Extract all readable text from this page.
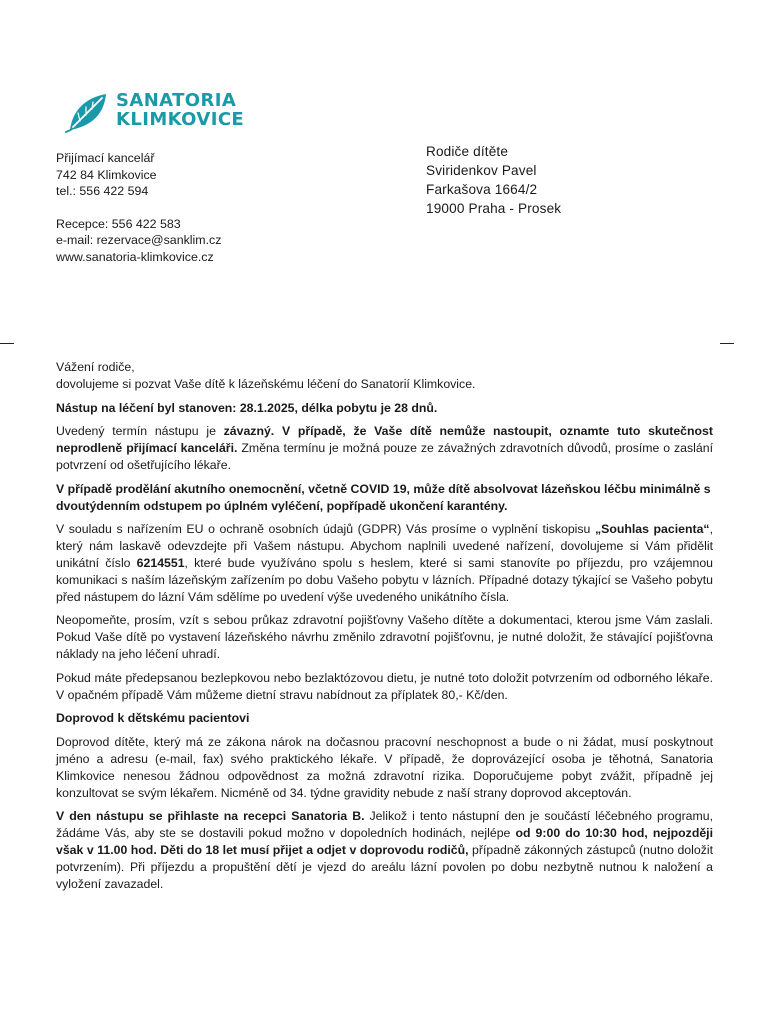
SANATORIA
KLIMKOVICE
Přijímací kancelář
742 84 Klimkovice
tel.: 556 422 594
Recepce: 556 422 583
e-mail: rezervace@sanklim.cz
www.sanatoria-klimkovice.cz
Rodiče dítěte
Sviridenkov Pavel
Farkašova 1664/2
19000 Praha - Prosek

Vážení rodiče,

dovolujeme si pozvat Vaše dítě k lázeňskému léčení do Sanatorií Klimkovice.

Nástup na léčení byl stanoven: 28.1.2025, délka pobytu je 28 dnů.

Uvedený termín nástupu je závazný. V případě, že Vaše dítě nemůže nastoupit, oznamte tuto skutečnost neprodleně přijímací kanceláři. Změna termínu je možná pouze ze závažných zdravotních důvodů, prosíme o zaslání potvrzení od ošetřujícího lékaře.

V případě prodělání akutního onemocnění, včetně COVID 19, může dítě absolvovat lázeňskou léčbu minimálně s dvoutýdenním odstupem po úplném vyléčení, popřípadě ukončení karantény.

V souladu s nařízením EU o ochraně osobních údajů (GDPR) Vás prosíme o vyplnění tiskopisu „Souhlas pacienta“, který nám laskavě odevzdejte při Vašem nástupu. Abychom naplnili uvedené nařízení, dovolujeme si Vám přidělit unikátní číslo 6214551, které bude využíváno spolu s heslem, které si sami stanovíte po příjezdu, pro vzájemnou komunikaci s naším lázeňským zařízením po dobu Vašeho pobytu v lázních. Případné dotazy týkající se Vašeho pobytu před nástupem do lázní Vám sdělíme po uvedení výše uvedeného unikátního čísla.

Neopomeňte, prosím, vzít s sebou průkaz zdravotní pojišťovny Vašeho dítěte a dokumentaci, kterou jsme Vám zaslali. Pokud Vaše dítě po vystavení lázeňského návrhu změnilo zdravotní pojišťovnu, je nutné doložit, že stávající pojišťovna náklady na jeho léčení uhradí.

Pokud máte předepsanou bezlepkovou nebo bezlaktózovou dietu, je nutné toto doložit potvrzením od odborného lékaře. V opačném případě Vám můžeme dietní stravu nabídnout za příplatek 80,- Kč/den.

Doprovod k dětskému pacientovi

Doprovod dítěte, který má ze zákona nárok na dočasnou pracovní neschopnost a bude o ni žádat, musí poskytnout jméno a adresu (e-mail, fax) svého praktického lékaře. V případě, že doprovázející osoba je těhotná, Sanatoria Klimkovice nenesou žádnou odpovědnost za možná zdravotní rizika. Doporučujeme pobyt zvážit, případně jej konzultovat se svým lékařem. Nicméně od 34. týdne gravidity nebude z naší strany doprovod akceptován.

V den nástupu se přihlaste na recepci Sanatoria B. Jelikož i tento nástupní den je součástí léčebného programu, žádáme Vás, aby ste se dostavili pokud možno v dopoledních hodinách, nejlépe od 9:00 do 10:30 hod, nejpozději však v 11.00 hod. Děti do 18 let musí přijet a odjet v doprovodu rodičů, případně zákonných zástupců (nutno doložit potvrzením). Při příjezdu a propuštění dětí je vjezd do areálu lázní povolen po dobu nezbytně nutnou k naložení a vyložení zavazadel.
